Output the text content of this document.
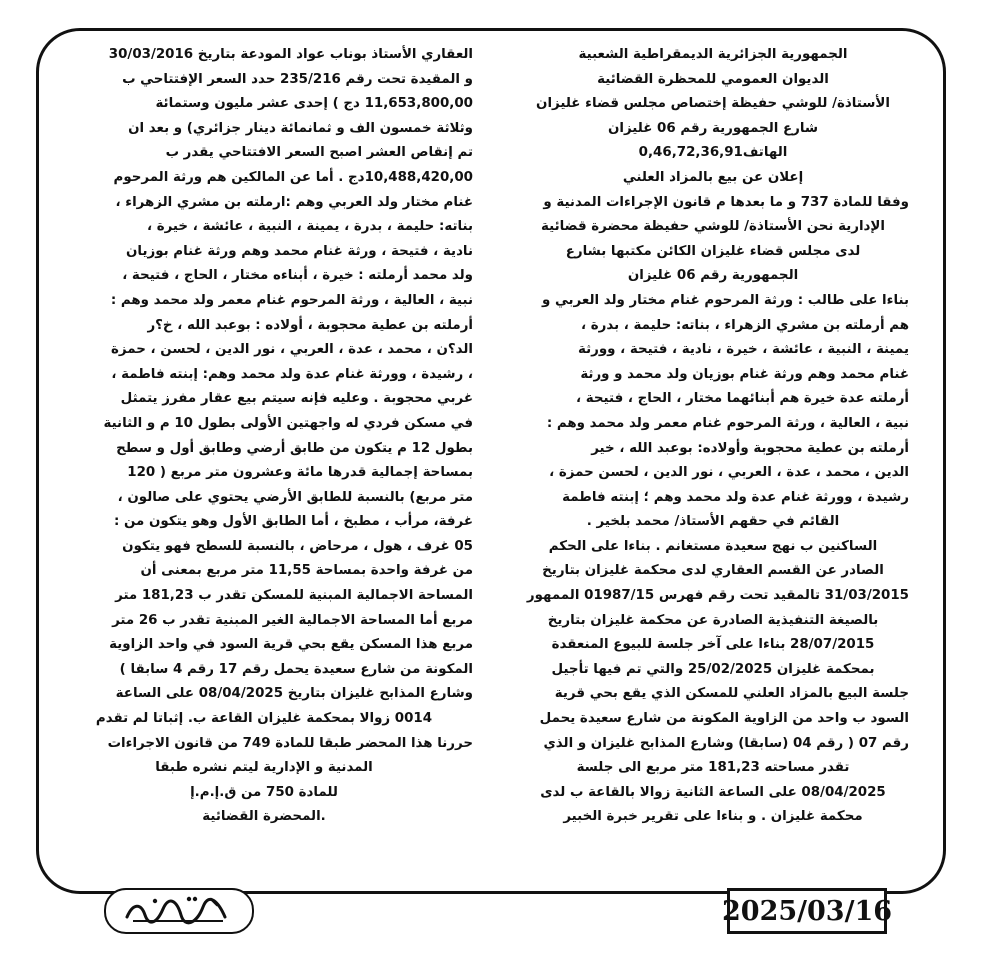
الجمهورية الجزائرية الديمقراطية الشعبية
الديوان العمومي للمحظرة القضائية
الأستاذة/ للوشي حفيظة إختصاص مجلس قضاء غليزان
شارع الجمهورية رقم 06 غليزان
الهاتف0,46,72,36,91
إعلان عن بيع بالمزاد العلني
وفقا للمادة 737 و ما بعدها م قانون الإجراءات المدنية و
الإدارية نحن الأستاذة/ للوشي حفيظة محضرة قضائية
لدى مجلس قضاء غليزان الكائن مكتبها بشارع
الجمهورية رقم 06 غليزان
بناءا على طالب : ورثة المرحوم غنام مختار ولد العربي و
هم أرملته بن مشري الزهراء ، بناته: حليمة ، بدرة ،
يمينة ، النبية ، عائشة ، خيرة ، نادية ، فتيحة ، وورثة
غنام محمد وهم ورثة غنام بوزيان ولد محمد و ورثة
أرملته عدة خيرة هم أبنائهما مختار ، الحاج ، فتيحة ،
نبية ، العالية ، ورثة المرحوم غنام معمر ولد محمد وهم :
أرملته بن عطية محجوبة وأولاده: بوعبد الله ، خير
الدين ، محمد ، عدة ، العربي ، نور الدين ، لحسن حمزة ،
رشيدة ، وورثة غنام عدة ولد محمد وهم ؛ إبنته فاطمة
القائم في حقهم الأستاذ/ محمد بلخير .
الساكنين ب نهج سعيدة مستغانم . بناءا على الحكم
الصادر عن القسم العقاري لدى محكمة غليزان بتاريخ
31/03/2015 تالمقيد تحت رقم فهرس 01987/15 الممهور
بالصيغة التنفيذية الصادرة عن محكمة غليزان بتاريخ
28/07/2015 بناءا على آخر جلسة للبيوع المنعقدة
بمحكمة غليزان 25/02/2025 والتي تم فيها تأجيل
جلسة البيع بالمزاد العلني للمسكن الذي يقع بحي قرية
السود ب واحد من الزاوية المكونة من شارع سعيدة يحمل
رقم 07 ( رقم 04 (سابقا) وشارع المذابح غليزان و الذي
تقدر مساحته 181,23 متر مربع الى جلسة
08/04/2025 على الساعة الثانية زوالا بالقاعة ب لدى
محكمة غليزان . و بناءا على تقرير خبرة الخبير
العقاري الأستاذ بوناب عواد المودعة بتاريخ 30/03/2016
و المقيدة تحت رقم 235/216 حدد السعر الإفتتاحي ب
11,653,800,00 دج ) إحدى عشر مليون وستمائة
وثلاثة خمسون الف و ثمانمائة دينار جزائري) و بعد ان
تم إنقاص العشر اصبح السعر الافتتاحي يقدر ب
10,488,420,00دج . أما عن المالكين هم ورثة المرحوم
غنام مختار ولد العربي وهم :ارملته بن مشري الزهراء ،
بناته: حليمة ، بدرة ، يمينة ، النبية ، عائشة ، خيرة ،
نادية ، فتيحة ، ورثة غنام محمد وهم ورثة غنام بوزيان
ولد محمد أرملته : خيرة ، أبناءه مختار ، الحاج ، فتيحة ،
نبية ، العالية ، ورثة المرحوم غنام معمر ولد محمد وهم :
أرملته بن عطية محجوبة ، أولاده : بوعبد الله ، خ؟ر
الد؟ن ، محمد ، عدة ، العربي ، نور الدين ، لحسن ، حمزة
، رشيدة ، وورثة غنام عدة ولد محمد وهم: إبنته فاطمة ،
غربي محجوبة . وعليه فإنه سيتم بيع عقار مفرز يتمثل
في مسكن فردي له واجهتين الأولى بطول 10 م و الثانية
بطول 12 م يتكون من طابق أرضي وطابق أول و سطح
بمساحة إجمالية قدرها مائة وعشرون متر مربع ( 120
متر مربع) بالنسبة للطابق الأرضي يحتوي على صالون ،
غرفة، مرأب ، مطبخ ، أما الطابق الأول وهو يتكون من :
05 غرف ، هول ، مرحاض ، بالنسبة للسطح فهو يتكون
من غرفة واحدة بمساحة 11,55 متر مربع بمعنى أن
المساحة الاجمالية المبنية للمسكن تقدر ب 181,23 متر
مربع أما المساحة الاجمالية الغير المبنية تقدر ب 26 متر
مربع هذا المسكن يقع بحي قرية السود في واحد الزاوية
المكونة من شارع سعيدة يحمل رقم 17 رقم 4 سابقا )
وشارع المذابح غليزان بتاريخ 08/04/2025 على الساعة
0014 زوالا بمحكمة غليزان القاعة ب. إثباتا لم تقدم
حررنا هذا المحضر طبقا للمادة 749 من قانون الاجراءات
المدنية و الإدارية ليتم نشره طبقا
للمادة 750 من ق.إ.م.إ
.المحضرة القضائية
2025/03/16
